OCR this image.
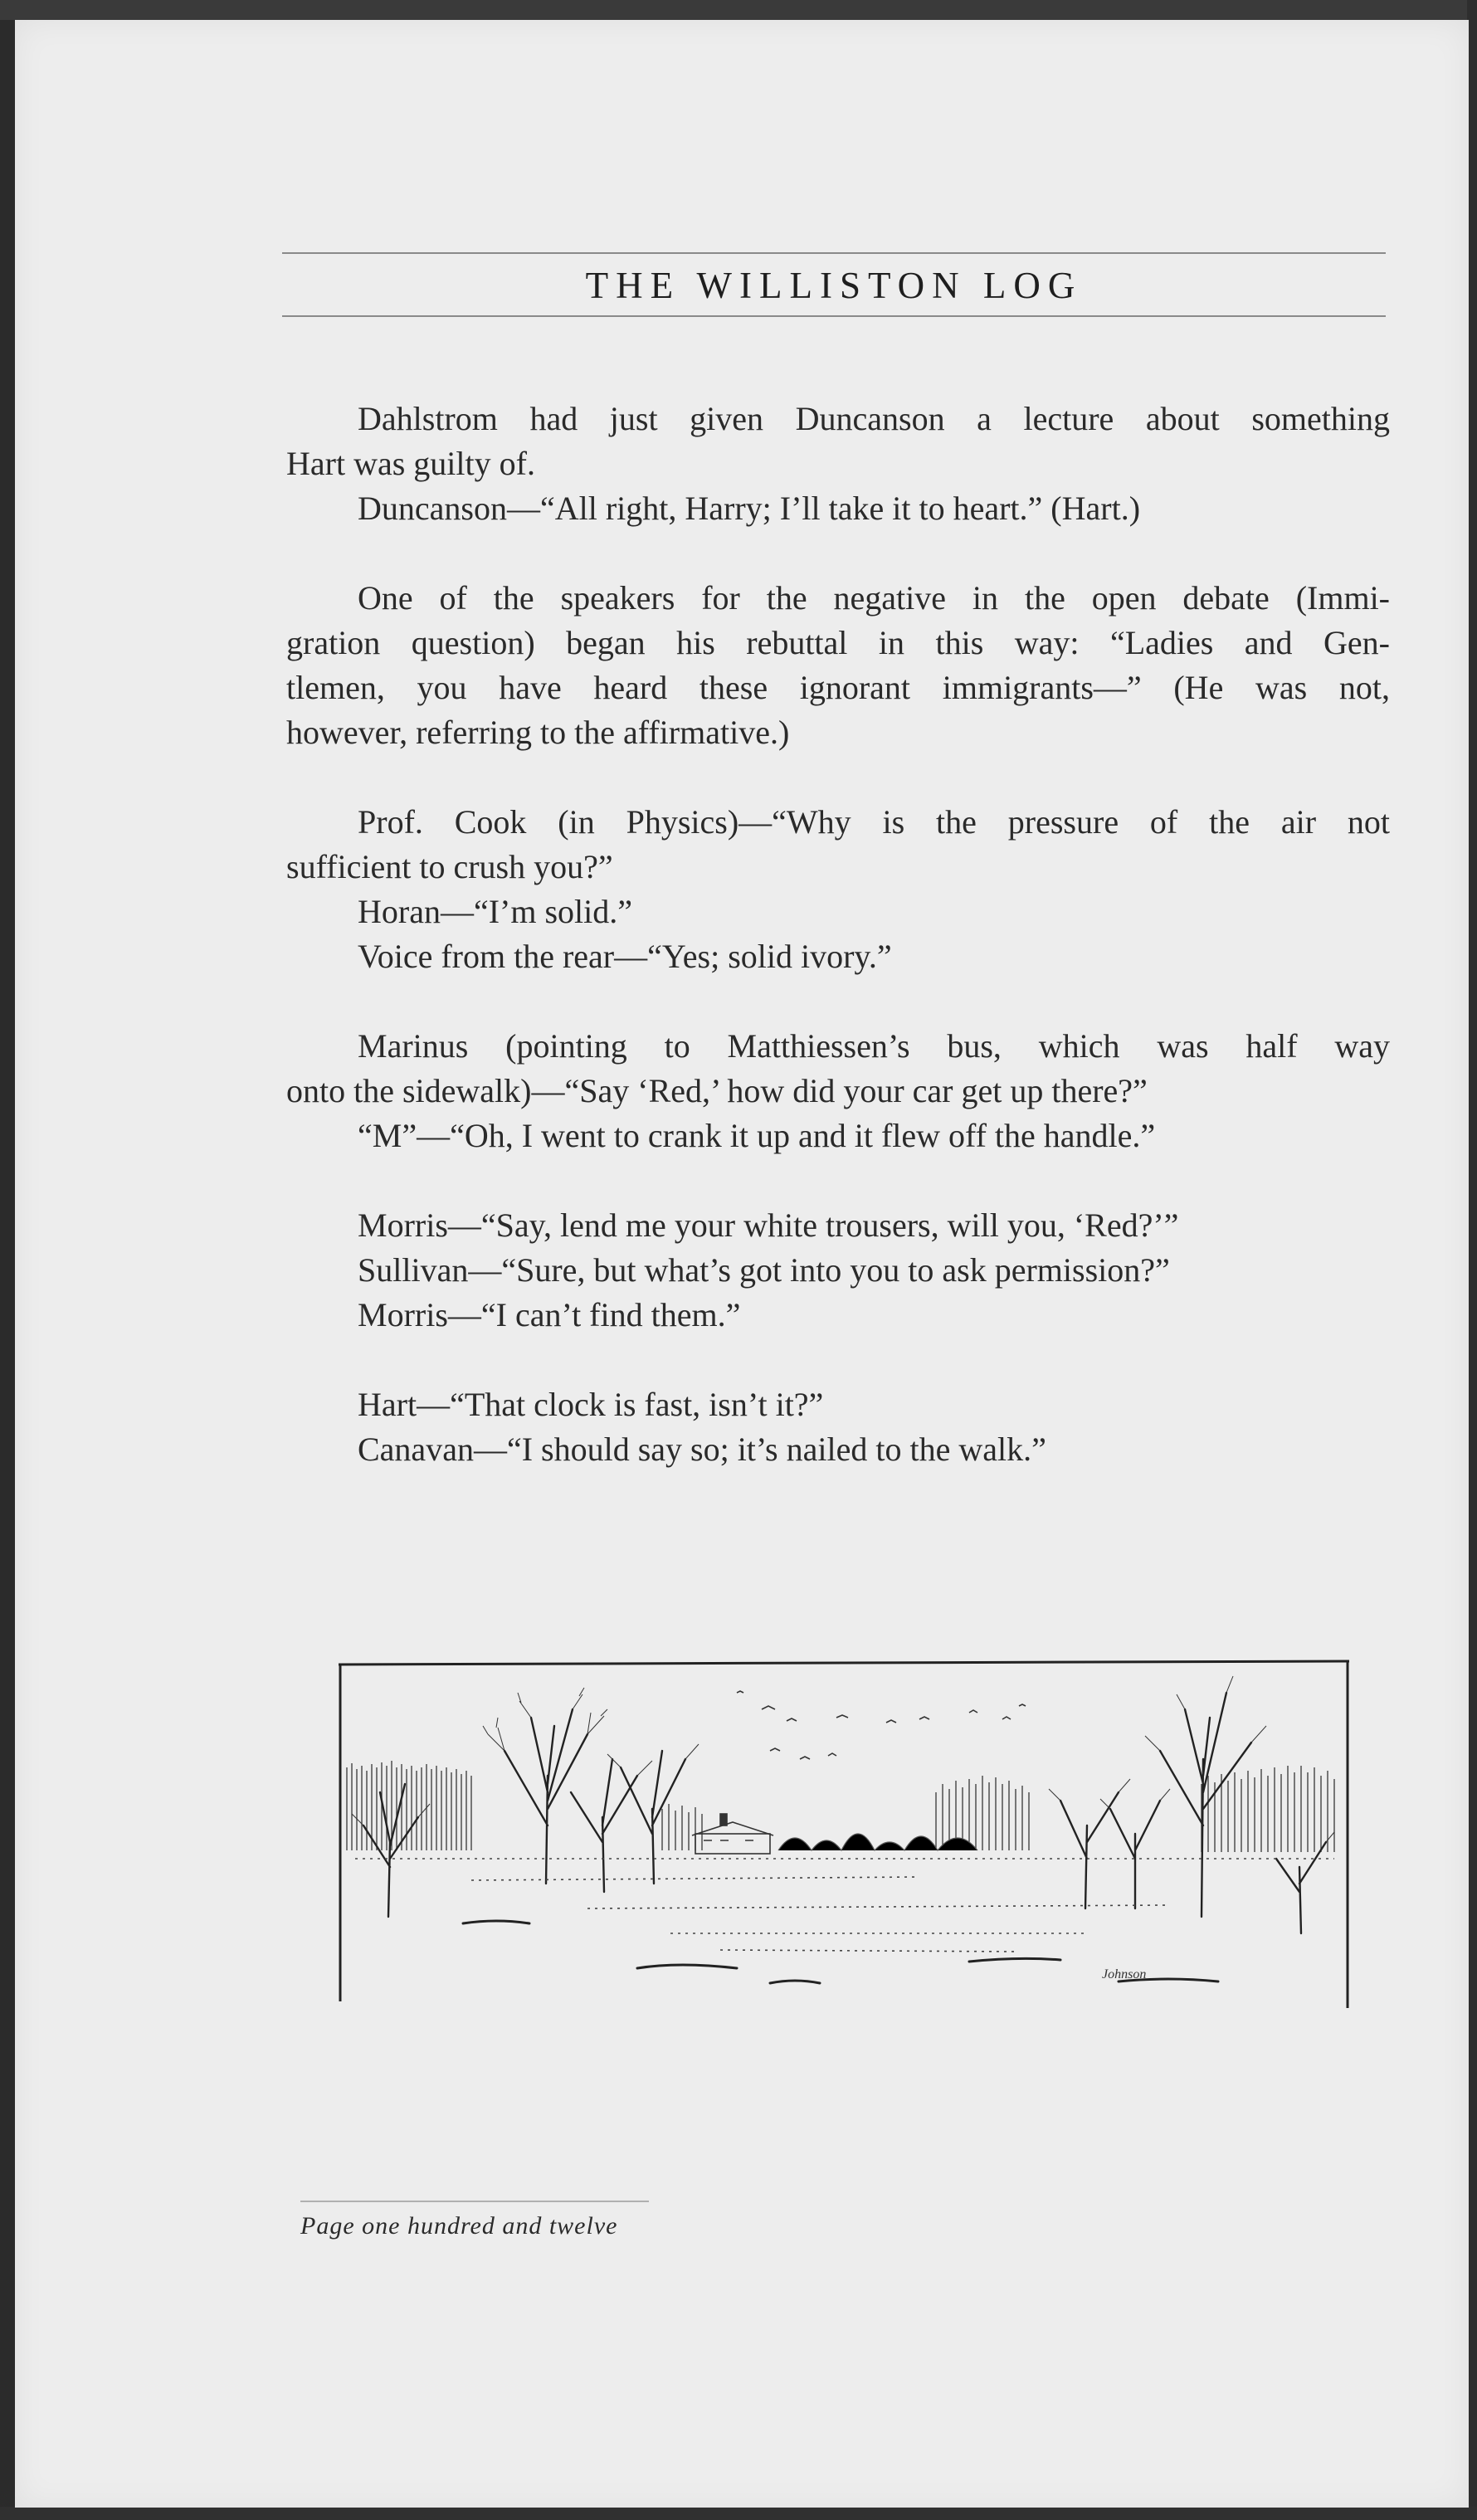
THE WILLISTON LOG
Dahlstrom had just given Duncanson a lecture about something
Hart was guilty of.
Duncanson—“All right, Harry; I’ll take it to heart.” (Hart.)
One of the speakers for the negative in the open debate (Immi-
gration question) began his rebuttal in this way: “Ladies and Gen-
tlemen, you have heard these ignorant immigrants—” (He was not,
however, referring to the affirmative.)
Prof. Cook (in Physics)—“Why is the pressure of the air not
sufficient to crush you?”
Horan—“I’m solid.”
Voice from the rear—“Yes; solid ivory.”
Marinus (pointing to Matthiessen’s bus, which was half way
onto the sidewalk)—“Say ‘Red,’ how did your car get up there?”
“M”—“Oh, I went to crank it up and it flew off the handle.”
Morris—“Say, lend me your white trousers, will you, ‘Red?’”
Sullivan—“Sure, but what’s got into you to ask permission?”
Morris—“I can’t find them.”
Hart—“That clock is fast, isn’t it?”
Canavan—“I should say so; it’s nailed to the walk.”
Johnson
Page one hundred and twelve
